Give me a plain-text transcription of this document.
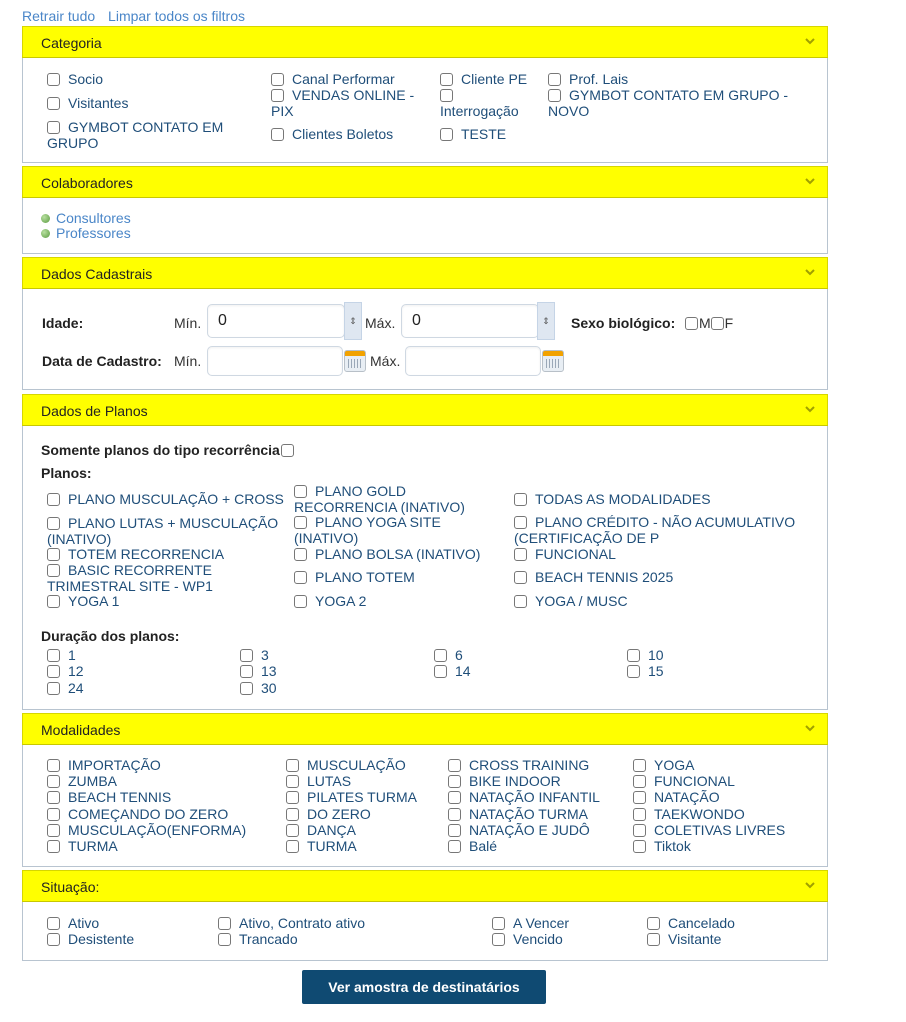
Retrair tudo Limpar todos os filtros
Categoria
Socio
Visitantes
GYMBOT CONTATO EM GRUPO
Canal Performar
VENDAS ONLINE - PIX
Clientes Boletos
Cliente PE

Interrogação
TESTE
Prof. Lais
GYMBOT CONTATO EM GRUPO - NOVO
Colaboradores
Consultores
Professores
Dados Cadastrais
Idade:	Mín.	0	⇕ Máx.	0	⇕	Sexo biológico:	M F
Data de Cadastro: Mín.	Máx.
Dados de Planos
Somente planos do tipo recorrência
Planos:
PLANO MUSCULAÇÃO + CROSS
PLANO LUTAS + MUSCULAÇÃO (INATIVO)
TOTEM RECORRENCIA
BASIC RECORRENTE TRIMESTRAL SITE - WP1
YOGA 1
PLANO GOLD RECORRENCIA (INATIVO)
PLANO YOGA SITE (INATIVO)
PLANO BOLSA (INATIVO)
PLANO TOTEM
YOGA 2
TODAS AS MODALIDADES
PLANO CRÉDITO - NÃO ACUMULATIVO (CERTIFICAÇÃO DE P
FUNCIONAL
BEACH TENNIS 2025
YOGA / MUSC
Duração dos planos:
1	3	6	10
12	13	14	15
24	30
Modalidades
IMPORTAÇÃO
ZUMBA
BEACH TENNIS
COMEÇANDO DO ZERO
MUSCULAÇÃO(ENFORMA)
TURMA
MUSCULAÇÃO
LUTAS
PILATES TURMA
DO ZERO
DANÇA
TURMA
CROSS TRAINING
BIKE INDOOR
NATAÇÃO INFANTIL
NATAÇÃO TURMA
NATAÇÃO E JUDÔ
Balé
YOGA
FUNCIONAL
NATAÇÃO
TAEKWONDO
COLETIVAS LIVRES
Tiktok
Situação:
Ativo
Desistente
Ativo, Contrato ativo
Trancado
A Vencer
Vencido
Cancelado
Visitante
Ver amostra de destinatários
